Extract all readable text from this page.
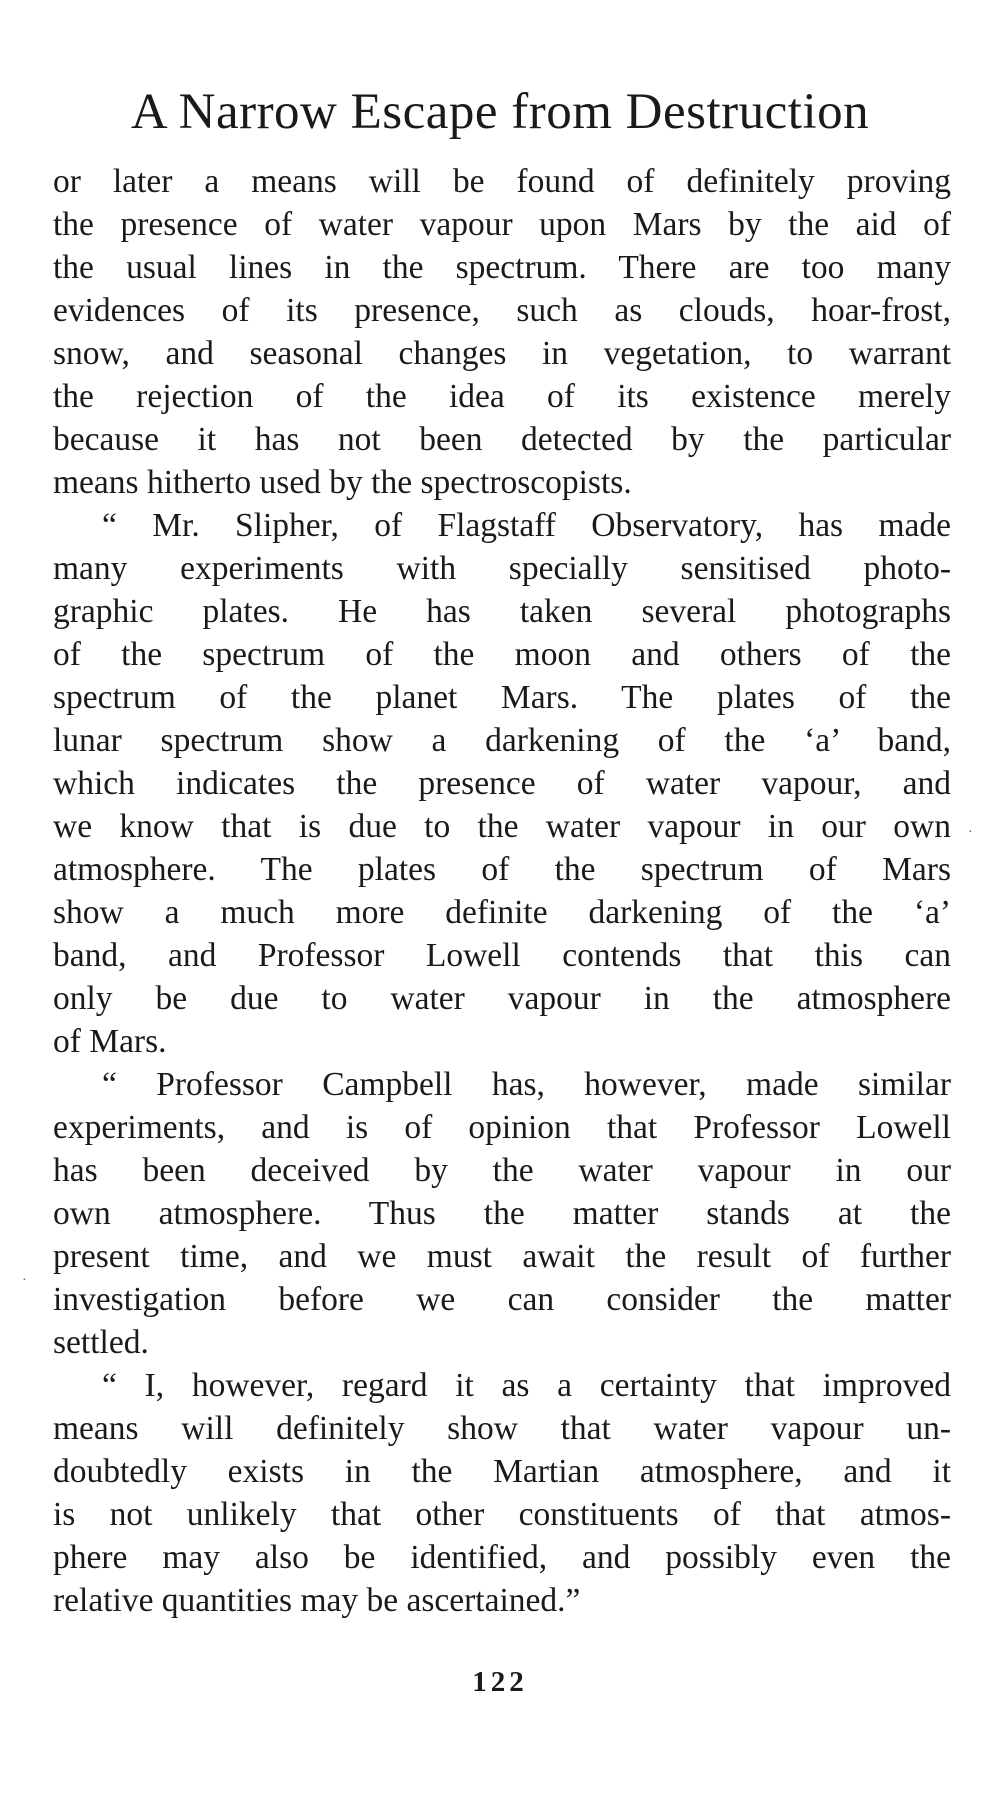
A Narrow Escape from Destruction

or later a means will be found of definitely proving

the presence of water vapour upon Mars by the aid of

the usual lines in the spectrum. There are too many

evidences of its presence, such as clouds, hoar-frost,

snow, and seasonal changes in vegetation, to warrant

the rejection of the idea of its existence merely

because it has not been detected by the particular

means hitherto used by the spectroscopists.

“ Mr. Slipher, of Flagstaff Observatory, has made

many experiments with specially sensitised photo-

graphic plates. He has taken several photographs

of the spectrum of the moon and others of the

spectrum of the planet Mars. The plates of the

lunar spectrum show a darkening of the ‘a’ band,

which indicates the presence of water vapour, and

we know that is due to the water vapour in our own

atmosphere. The plates of the spectrum of Mars

show a much more definite darkening of the ‘a’

band, and Professor Lowell contends that this can

only be due to water vapour in the atmosphere

of Mars.

“ Professor Campbell has, however, made similar

experiments, and is of opinion that Professor Lowell

has been deceived by the water vapour in our

own atmosphere. Thus the matter stands at the

present time, and we must await the result of further

investigation before we can consider the matter

settled.

“ I, however, regard it as a certainty that improved

means will definitely show that water vapour un-

doubtedly exists in the Martian atmosphere, and it

is not unlikely that other constituents of that atmos-

phere may also be identified, and possibly even the

relative quantities may be ascertained.”

122
·
·
